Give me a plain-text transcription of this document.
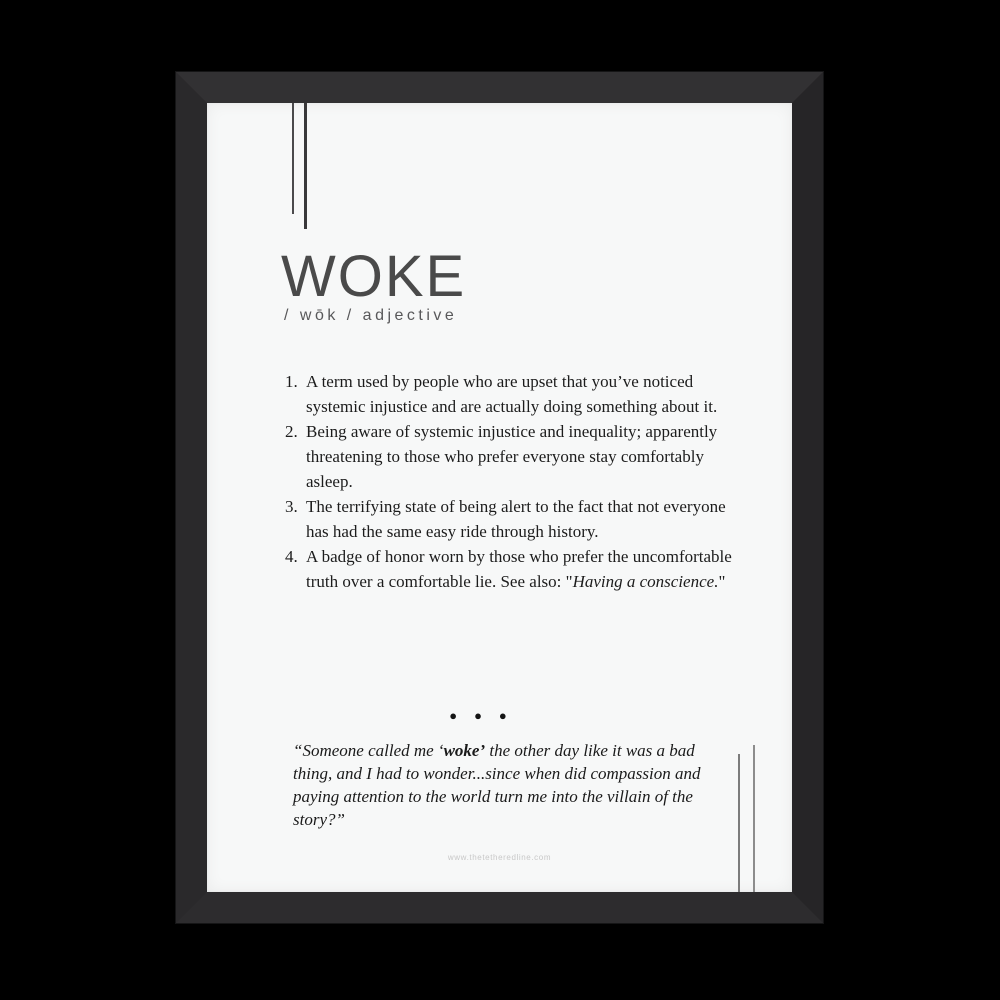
WOKE
/ wōk / adjective
1. A term used by people who are upset that you’ve noticed systemic injustice and are actually doing something about it.
2. Being aware of systemic injustice and inequality; apparently threatening to those who prefer everyone stay comfortably asleep.
3. The terrifying state of being alert to the fact that not everyone has had the same easy ride through history.
4. A badge of honor worn by those who prefer the uncomfortable truth over a comfortable lie. See also: "Having a conscience."
●●●
“Someone called me ‘woke’ the other day like it was a bad thing, and I had to wonder...since when did compassion and paying attention to the world turn me into the villain of the story?”
www.thetetheredline.com
